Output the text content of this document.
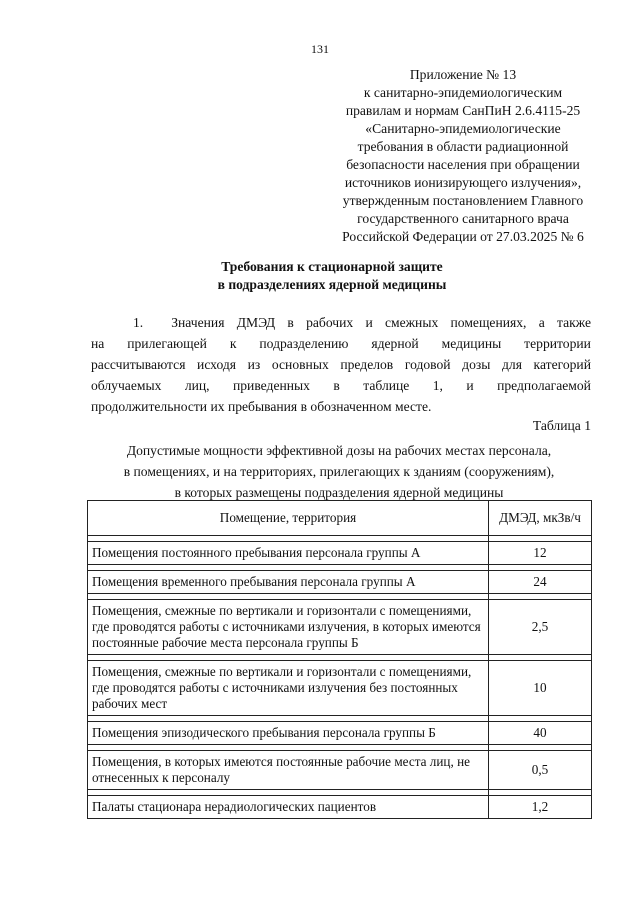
131
Приложение № 13
к санитарно-эпидемиологическим
правилам и нормам СанПиН 2.6.4115-25
«Санитарно-эпидемиологические
требования в области радиационной
безопасности населения при обращении
источников ионизирующего излучения»,
утвержденным постановлением Главного
государственного санитарного врача
Российской Федерации от 27.03.2025 № 6
Требования к стационарной защите
в подразделениях ядерной медицины
1. Значения ДМЭД в рабочих и смежных помещениях, а также
на прилегающей к подразделению ядерной медицины территории
рассчитываются исходя из основных пределов годовой дозы для категорий
облучаемых лиц, приведенных в таблице 1, и предполагаемой
продолжительности их пребывания в обозначенном месте.
Таблица 1
Допустимые мощности эффективной дозы на рабочих местах персонала,
в помещениях, и на территориях, прилегающих к зданиям (сооружениям),
в которых размещены подразделения ядерной медицины
Помещение, территория	ДМЭД, мкЗв/ч

Помещения постоянного пребывания персонала группы А	12

Помещения временного пребывания персонала группы А	24

Помещения, смежные по вертикали и горизонтали с помещениями, где проводятся работы с источниками излучения, в которых имеются постоянные рабочие места персонала группы Б	2,5

Помещения, смежные по вертикали и горизонтали с помещениями, где проводятся работы с источниками излучения без постоянных рабочих мест	10

Помещения эпизодического пребывания персонала группы Б	40

Помещения, в которых имеются постоянные рабочие места лиц, не отнесенных к персоналу	0,5

Палаты стационара нерадиологических пациентов	1,2
